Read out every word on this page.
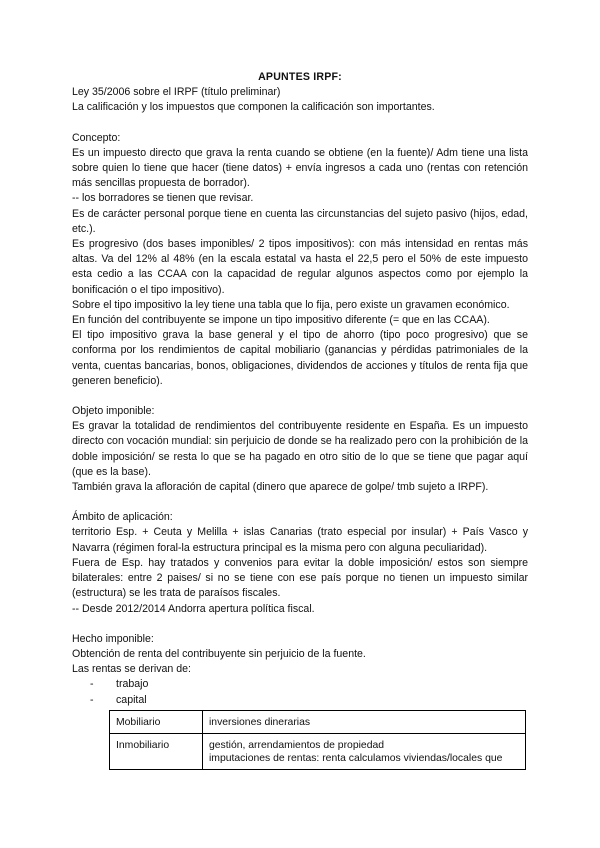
APUNTES IRPF:

Ley 35/2006 sobre el IRPF (título preliminar)

La calificación y los impuestos que componen la calificación son importantes.

Concepto:

Es un impuesto directo que grava la renta cuando se obtiene (en la fuente)/ Adm tiene una lista sobre quien lo tiene que hacer (tiene datos) + envía ingresos a cada uno (rentas con retención más sencillas propuesta de borrador).

-- los borradores se tienen que revisar.

Es de carácter personal porque tiene en cuenta las circunstancias del sujeto pasivo (hijos, edad, etc.).

Es progresivo (dos bases imponibles/ 2 tipos impositivos): con más intensidad en rentas más altas. Va del 12% al 48% (en la escala estatal va hasta el 22,5 pero el 50% de este impuesto esta cedio a las CCAA con la capacidad de regular algunos aspectos como por ejemplo la bonificación o el tipo impositivo).

Sobre el tipo impositivo la ley tiene una tabla que lo fija, pero existe un gravamen económico.

En función del contribuyente se impone un tipo impositivo diferente (= que en las CCAA).

El tipo impositivo grava la base general y el tipo de ahorro (tipo poco progresivo) que se conforma por los rendimientos de capital mobiliario (ganancias y pérdidas patrimoniales de la venta, cuentas bancarias, bonos, obligaciones, dividendos de acciones y títulos de renta fija que generen beneficio).

Objeto imponible:

Es gravar la totalidad de rendimientos del contribuyente residente en España. Es un impuesto directo con vocación mundial: sin perjuicio de donde se ha realizado pero con la prohibición de la doble imposición/ se resta lo que se ha pagado en otro sitio de lo que se tiene que pagar aquí (que es la base).

También grava la afloración de capital (dinero que aparece de golpe/ tmb sujeto a IRPF).

Ámbito de aplicación:

territorio Esp. + Ceuta y Melilla + islas Canarias (trato especial por insular) + País Vasco y Navarra (régimen foral-la estructura principal es la misma pero con alguna peculiaridad).

Fuera de Esp. hay tratados y convenios para evitar la doble imposición/ estos son siempre bilaterales: entre 2 paises/ si no se tiene con ese país porque no tienen un impuesto similar (estructura) se les trata de paraísos fiscales.

-- Desde 2012/2014 Andorra apertura política fiscal.

Hecho imponible:

Obtención de renta del contribuyente sin perjuicio de la fuente.

Las rentas se derivan de:

- trabajo
- capital
Mobiliario	inversiones dinerarias
Inmobiliario	gestión, arrendamientos de propiedad
imputaciones de rentas: renta calculamos viviendas/locales que
